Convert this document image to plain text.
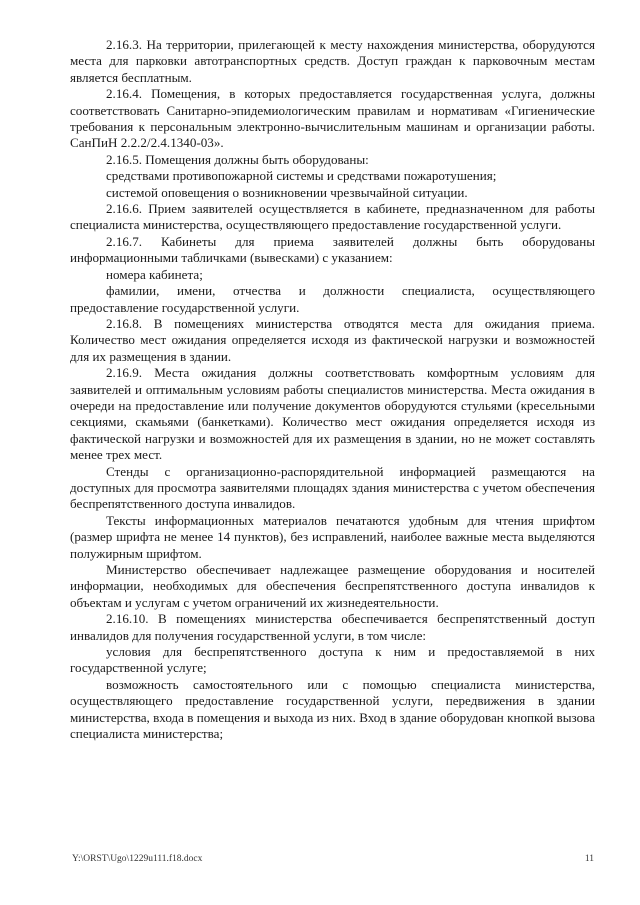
2.16.3. На территории, прилегающей к месту нахождения министерства, оборудуются места для парковки автотранспортных средств. Доступ граждан к парковочным местам является бесплатным.

2.16.4. Помещения, в которых предоставляется государственная услуга, должны соответствовать Санитарно-эпидемиологическим правилам и нормативам «Гигиенические требования к персональным электронно-вычислительным машинам и организации работы. СанПиН 2.2.2/2.4.1340-03».

2.16.5. Помещения должны быть оборудованы:

средствами противопожарной системы и средствами пожаротушения;

системой оповещения о возникновении чрезвычайной ситуации.

2.16.6. Прием заявителей осуществляется в кабинете, предназначенном для работы специалиста министерства, осуществляющего предоставление государственной услуги.

2.16.7. Кабинеты для приема заявителей должны быть оборудованы информационными табличками (вывесками) с указанием:

номера кабинета;

фамилии, имени, отчества и должности специалиста, осуществляющего предоставление государственной услуги.

2.16.8. В помещениях министерства отводятся места для ожидания приема. Количество мест ожидания определяется исходя из фактической нагрузки и возможностей для их размещения в здании.

2.16.9. Места ожидания должны соответствовать комфортным условиям для заявителей и оптимальным условиям работы специалистов министерства. Места ожидания в очереди на предоставление или получение документов оборудуются стульями (кресельными секциями, скамьями (банкетками). Количество мест ожидания определяется исходя из фактической нагрузки и возможностей для их размещения в здании, но не может составлять менее трех мест.

Стенды с организационно-распорядительной информацией размещаются на доступных для просмотра заявителями площадях здания министерства с учетом обеспечения беспрепятственного доступа инвалидов.

Тексты информационных материалов печатаются удобным для чтения шрифтом (размер шрифта не менее 14 пунктов), без исправлений, наиболее важные места выделяются полужирным шрифтом.

Министерство обеспечивает надлежащее размещение оборудования и носителей информации, необходимых для обеспечения беспрепятственного доступа инвалидов к объектам и услугам с учетом ограничений их жизнедеятельности.

2.16.10. В помещениях министерства обеспечивается беспрепятственный доступ инвалидов для получения государственной услуги, в том числе:

условия для беспрепятственного доступа к ним и предоставляемой в них государственной услуге;

возможность самостоятельного или с помощью специалиста министерства, осуществляющего предоставление государственной услуги, передвижения в здании министерства, входа в помещения и выхода из них. Вход в здание оборудован кнопкой вызова специалиста министерства;

Y:\ORST\Ugo\1229u111.f18.docx	11
